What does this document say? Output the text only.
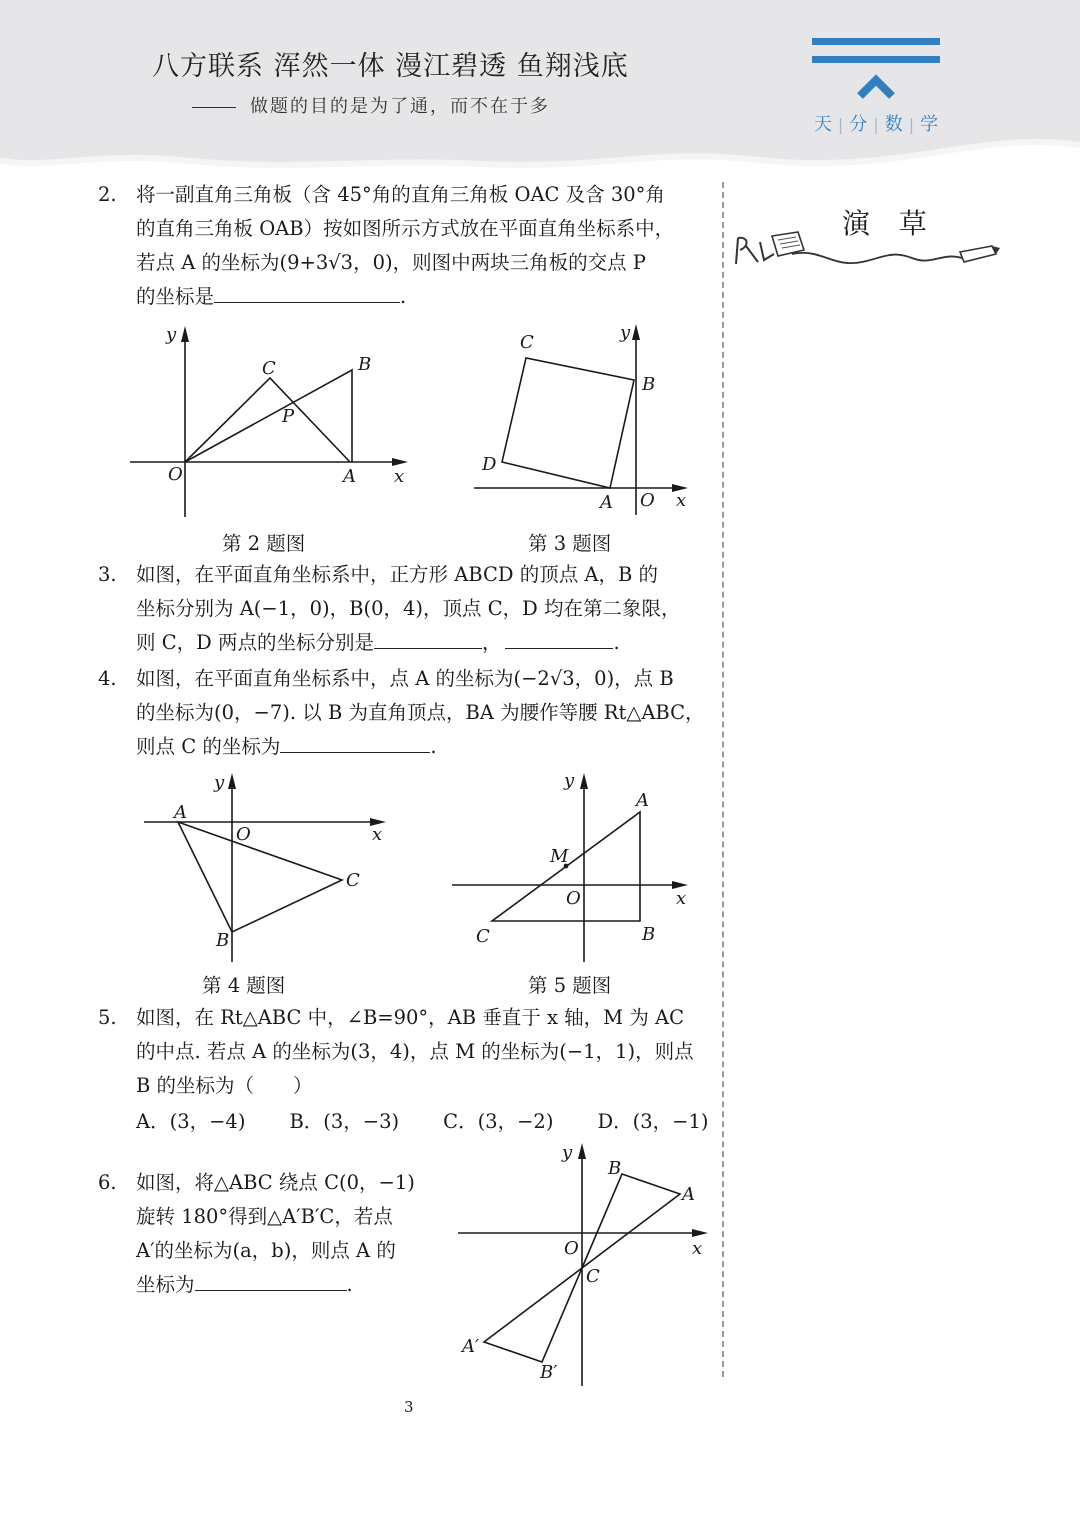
八方联系 浑然一体 漫江碧透 鱼翔浅底
做题的目的是为了通，而不在于多
天 | 分 | 数 | 学
演 草
2. 将一副直角三角板（含 45°角的直角三角板 OAC 及含 30°角
的直角三角板 OAB）按如图所示方式放在平面直角坐标系中，
若点 A 的坐标为(9+3√3，0)，则图中两块三角板的交点 P
的坐标是	.
y
C	B
P
O	A x
第 2 题图
C	y
B
D
A O x
第 3 题图
3. 如图，在平面直角坐标系中，正方形 ABCD 的顶点 A，B 的
坐标分别为 A(−1，0)，B(0，4)，顶点 C，D 均在第二象限，
则 C，D 两点的坐标分别是	，	.
4. 如图，在平面直角坐标系中，点 A 的坐标为(−2√3，0)，点 B
的坐标为(0，−7). 以 B 为直角顶点，BA 为腰作等腰 Rt△ABC，
则点 C 的坐标为	.
y
A
O	x
C
B
第 4 题图
y
A
M
O	x
C	B
第 5 题图
5. 如图，在 Rt△ABC 中，∠B=90°，AB 垂直于 x 轴，M 为 AC
的中点. 若点 A 的坐标为(3，4)，点 M 的坐标为(−1，1)，则点
B 的坐标为（　　）
A．(3，−4) B．(3，−3) C．(3，−2) D．(3，−1)
6. 如图，将△ABC 绕点 C(0，−1)
旋转 180°得到△A′B′C，若点
A′的坐标为(a，b)，则点 A 的
坐标为	.
y
B
A
O	x
C
A′
B′
3
